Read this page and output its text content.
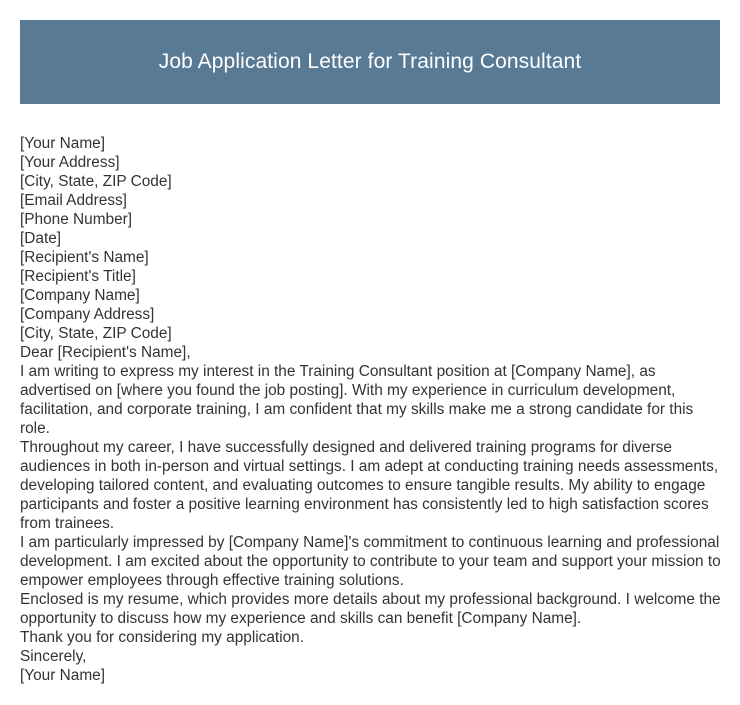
Job Application Letter for Training Consultant
[Your Name]
[Your Address]
[City, State, ZIP Code]
[Email Address]
[Phone Number]
[Date]
[Recipient's Name]
[Recipient's Title]
[Company Name]
[Company Address]
[City, State, ZIP Code]
Dear [Recipient's Name],
I am writing to express my interest in the Training Consultant position at [Company Name], as advertised on [where you found the job posting]. With my experience in curriculum development, facilitation, and corporate training, I am confident that my skills make me a strong candidate for this role.
Throughout my career, I have successfully designed and delivered training programs for diverse audiences in both in-person and virtual settings. I am adept at conducting training needs assessments, developing tailored content, and evaluating outcomes to ensure tangible results. My ability to engage participants and foster a positive learning environment has consistently led to high satisfaction scores from trainees.
I am particularly impressed by [Company Name]'s commitment to continuous learning and professional development. I am excited about the opportunity to contribute to your team and support your mission to empower employees through effective training solutions.
Enclosed is my resume, which provides more details about my professional background. I welcome the opportunity to discuss how my experience and skills can benefit [Company Name].
Thank you for considering my application.
Sincerely,
[Your Name]
